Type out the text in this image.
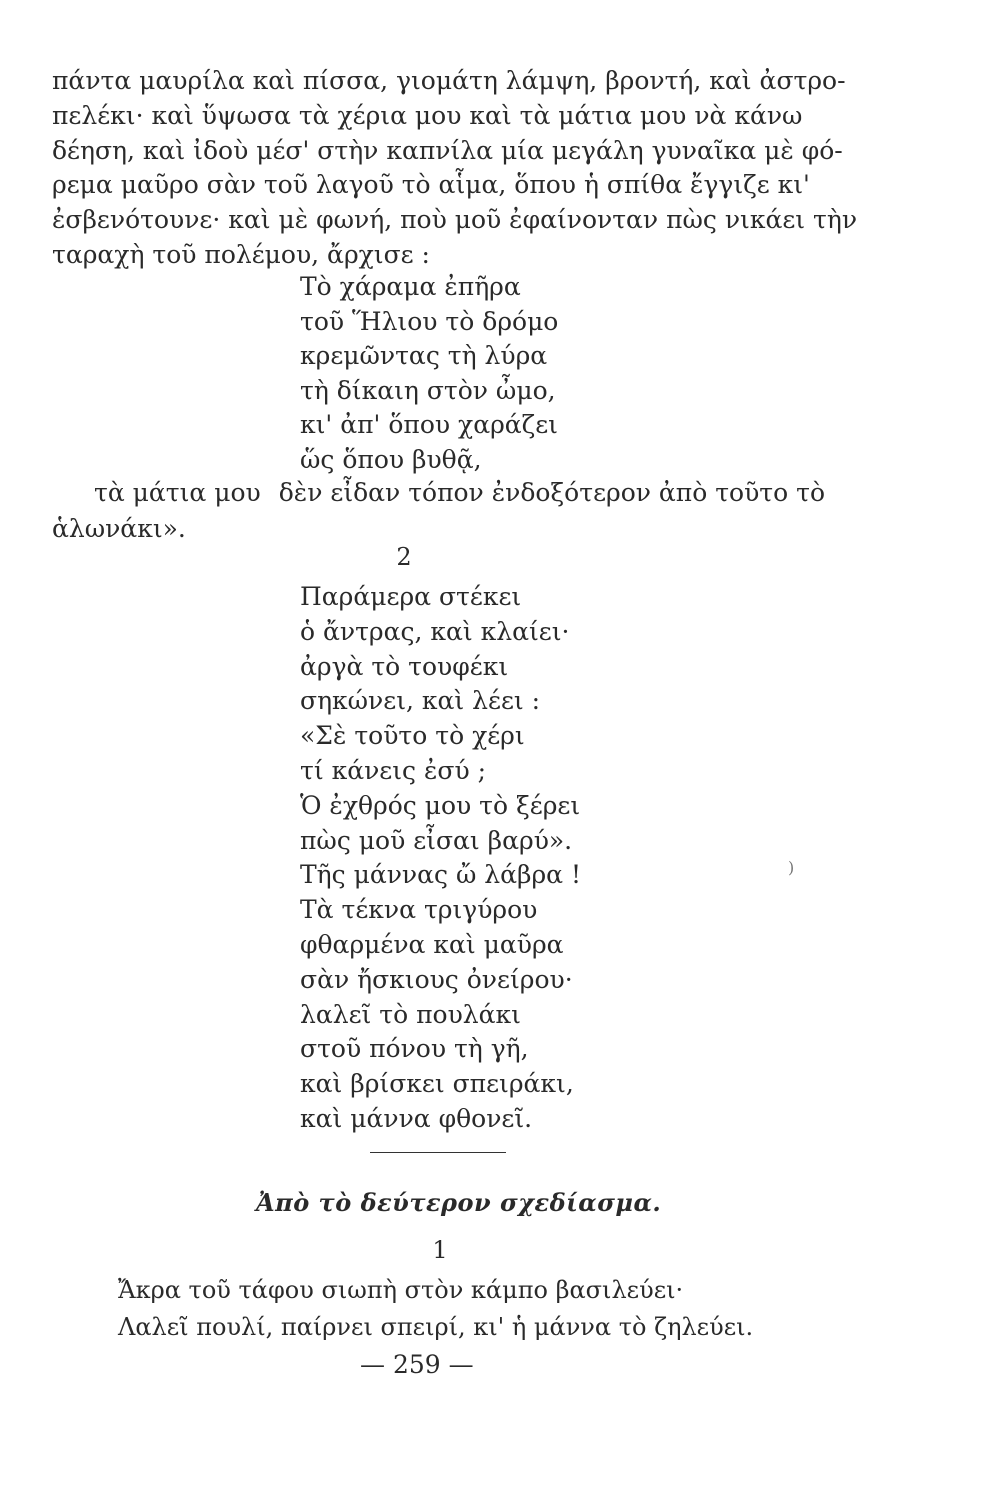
πάντα μαυρίλα καὶ πίσσα, γιομάτη λάμψη, βροντή, καὶ ἀστρο-
πελέκι· καὶ ὕψωσα τὰ χέρια μου καὶ τὰ μάτια μου νὰ κάνω
δέηση, καὶ ἰδοὺ μέσ' στὴν καπνίλα μία μεγάλη γυναῖκα μὲ φό-
ρεμα μαῦρο σὰν τοῦ λαγοῦ τὸ αἷμα, ὅπου ἡ σπίθα ἔγγιζε κι'
ἐσβενότουνε· καὶ μὲ φωνή, ποὺ μοῦ ἐφαίνονταν πὼς νικάει τὴν
ταραχὴ τοῦ πολέμου, ἄρχισε :
Τὸ χάραμα ἐπῆρα
τοῦ Ἥλιου τὸ δρόμο
κρεμῶντας τὴ λύρα
τὴ δίκαιη στὸν ὦμο,
κι' ἀπ' ὅπου χαράζει
ὥς ὅπου βυθᾷ,
τὰ μάτια μου δὲν εἶδαν τόπον ἐνδοξότερον ἀπὸ τοῦτο τὸ
ἁλωνάκι».
2
Παράμερα στέκει
ὁ ἄντρας, καὶ κλαίει·
ἀργὰ τὸ τουφέκι
σηκώνει, καὶ λέει :
«Σὲ τοῦτο τὸ χέρι
τί κάνεις ἐσύ ;
Ὁ ἐχθρός μου τὸ ξέρει
πὼς μοῦ εἶσαι βαρύ».
Τῆς μάννας ὤ λάβρα !
Τὰ τέκνα τριγύρου
φθαρμένα καὶ μαῦρα
σὰν ἤσκιους ὀνείρου·
λαλεῖ τὸ πουλάκι
στοῦ πόνου τὴ γῆ,
καὶ βρίσκει σπειράκι,
καὶ μάννα φθονεῖ.
)
Ἀπὸ τὸ δεύτερον σχεδίασμα.
1
Ἄκρα τοῦ τάφου σιωπὴ στὸν κάμπο βασιλεύει·
Λαλεῖ πουλί, παίρνει σπειρί, κι' ἡ μάννα τὸ ζηλεύει.
— 259 —
